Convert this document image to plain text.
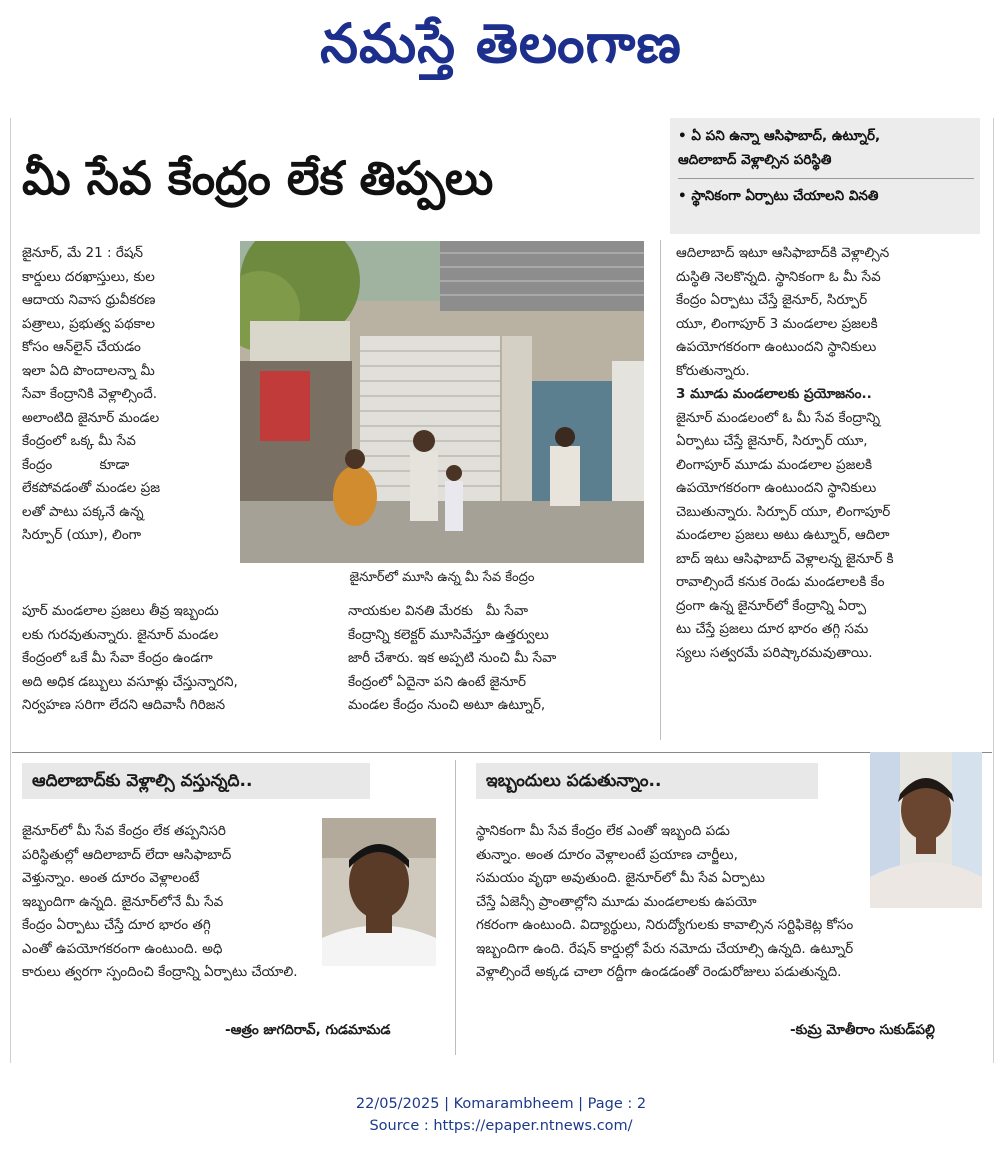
నమస్తే తెలంగాణ
మీ సేవ కేంద్రం లేక తిప్పలు
• ఏ పని ఉన్నా ఆసిఫాబాద్, ఉట్నూర్,
ఆదిలాబాద్ వెళ్లాల్సిన పరిస్థితి
• స్థానికంగా ఏర్పాటు చేయాలని వినతి
జైనూర్, మే 21 : రేషన్
కార్డులు దరఖాస్తులు, కుల
ఆదాయ నివాస ధ్రువీకరణ
పత్రాలు, ప్రభుత్వ పథకాల
కోసం ఆన్‌లైన్ చేయడం
ఇలా ఏది పొందాలన్నా మీ
సేవా కేంద్రానికి వెళ్లాల్సిందే.
అలాంటిది జైనూర్ మండల
కేంద్రంలో ఒక్క మీ సేవ
కేంద్రం           కూడా
లేకపోవడంతో మండల ప్రజ
లతో పాటు పక్కనే ఉన్న
సిర్పూర్ (యూ), లింగా
పూర్ మండలాల ప్రజలు తీవ్ర ఇబ్బందు
లకు గురవుతున్నారు. జైనూర్ మండల
కేంద్రంలో ఒకే మీ సేవా కేంద్రం ఉండగా
అది అధిక డబ్బులు వసూళ్లు చేస్తున్నారని,
నిర్వహణ సరిగా లేదని ఆదివాసీ గిరిజన
జైనూర్‌లో మూసి ఉన్న మీ సేవ కేంద్రం
నాయకుల వినతి మేరకు   మీ సేవా
కేంద్రాన్ని కలెక్టర్ మూసివేస్తూ ఉత్తర్వులు
జారీ చేశారు. ఇక అప్పటి నుంచి మీ సేవా
కేంద్రంలో ఏదైనా పని ఉంటే జైనూర్
మండల కేంద్రం నుంచి అటూ ఉట్నూర్,
ఆదిలాబాద్ ఇటూ ఆసిఫాబాద్‌కి వెళ్లాల్సిన
దుస్థితి నెలకొన్నది. స్థానికంగా ఓ మీ సేవ
కేంద్రం ఏర్పాటు చేస్తే జైనూర్, సిర్పూర్
యూ, లింగాపూర్ 3 మండలాల ప్రజలకి
ఉపయోగకరంగా ఉంటుందని స్థానికులు
కోరుతున్నారు.
3 మూడు మండలాలకు ప్రయోజనం..
జైనూర్ మండలంలో ఓ మీ సేవ కేంద్రాన్ని
ఏర్పాటు చేస్తే జైనూర్, సిర్పూర్ యూ,
లింగాపూర్ మూడు మండలాల ప్రజలకి
ఉపయోగకరంగా ఉంటుందని స్థానికులు
చెబుతున్నారు. సిర్పూర్ యూ, లింగాపూర్
మండలాల ప్రజలు అటు ఉట్నూర్, ఆదిలా
బాద్ ఇటు ఆసిఫాబాద్ వెళ్లాలన్న జైనూర్ కి
రావాల్సిందే కనుక రెండు మండలాలకి కేం
ద్రంగా ఉన్న జైనూర్‌లో కేంద్రాన్ని ఏర్పా
టు చేస్తే ప్రజలు దూర భారం తగ్గి సమ
స్యలు సత్వరమే పరిష్కారమవుతాయి.
ఆదిలాబాద్‌కు వెళ్లాల్సి వస్తున్నది..
జైనూర్‌లో మీ సేవ కేంద్రం లేక తప్పనిసరి
పరిస్థితుల్లో ఆదిలాబాద్ లేదా ఆసిఫాబాద్
వెళ్తున్నాం. అంత దూరం వెళ్లాలంటే
ఇబ్బందిగా ఉన్నది. జైనూర్‌లోనే మీ సేవ
కేంద్రం ఏర్పాటు చేస్తే దూర భారం తగ్గి
ఎంతో ఉపయోగకరంగా ఉంటుంది. అధి
కారులు త్వరగా స్పందించి కేంద్రాన్ని ఏర్పాటు చేయాలి.
-ఆత్రం జుగదిరావ్, గుడమామడ
ఇబ్బందులు పడుతున్నాం..
స్థానికంగా మీ సేవ కేంద్రం లేక ఎంతో ఇబ్బంది పడు
తున్నాం. అంత దూరం వెళ్లాలంటే ప్రయాణ చార్జీలు,
సమయం వృథా అవుతుంది. జైనూర్‌లో మీ సేవ ఏర్పాటు
చేస్తే ఏజెన్సీ ప్రాంతాల్లోని మూడు మండలాలకు ఉపయో
గకరంగా ఉంటుంది. విద్యార్థులు, నిరుద్యోగులకు కావాల్సిన సర్టిఫికెట్ల కోసం
ఇబ్బందిగా ఉంది. రేషన్ కార్డుల్లో పేరు నమోదు చేయాల్సి ఉన్నది. ఉట్నూర్
వెళ్లాల్సిందే అక్కడ చాలా రద్దీగా ఉండడంతో రెండురోజులు పడుతున్నది.
-కుమ్ర మోతీరాం సుకుడ్‌పల్లి
22/05/2025 | Komarambheem | Page : 2
Source : https://epaper.ntnews.com/
